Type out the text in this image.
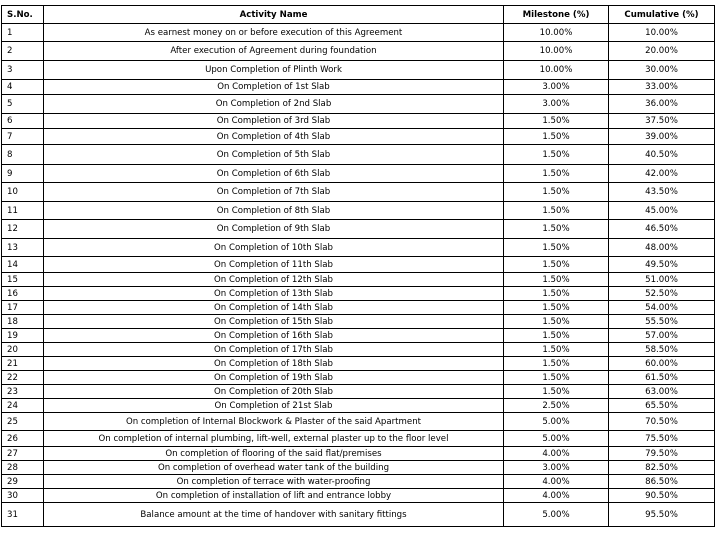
S.No.	Activity Name	Milestone (%)	Cumulative (%)
1	As earnest money on or before execution of this Agreement	10.00%	10.00%
2	After execution of Agreement during foundation	10.00%	20.00%
3	Upon Completion of Plinth Work	10.00%	30.00%
4	On Completion of 1st Slab	3.00%	33.00%
5	On Completion of 2nd Slab	3.00%	36.00%
6	On Completion of 3rd Slab	1.50%	37.50%
7	On Completion of 4th Slab	1.50%	39.00%
8	On Completion of 5th Slab	1.50%	40.50%
9	On Completion of 6th Slab	1.50%	42.00%
10	On Completion of 7th Slab	1.50%	43.50%
11	On Completion of 8th Slab	1.50%	45.00%
12	On Completion of 9th Slab	1.50%	46.50%
13	On Completion of 10th Slab	1.50%	48.00%
14	On Completion of 11th Slab	1.50%	49.50%
15	On Completion of 12th Slab	1.50%	51.00%
16	On Completion of 13th Slab	1.50%	52.50%
17	On Completion of 14th Slab	1.50%	54.00%
18	On Completion of 15th Slab	1.50%	55.50%
19	On Completion of 16th Slab	1.50%	57.00%
20	On Completion of 17th Slab	1.50%	58.50%
21	On Completion of 18th Slab	1.50%	60.00%
22	On Completion of 19th Slab	1.50%	61.50%
23	On Completion of 20th Slab	1.50%	63.00%
24	On Completion of 21st Slab	2.50%	65.50%
25	On completion of Internal Blockwork & Plaster of the said Apartment	5.00%	70.50%
26	On completion of internal plumbing, lift-well, external plaster up to the floor level	5.00%	75.50%
27	On completion of flooring of the said flat/premises	4.00%	79.50%
28	On completion of overhead water tank of the building	3.00%	82.50%
29	On completion of terrace with water-proofing	4.00%	86.50%
30	On completion of installation of lift and entrance lobby	4.00%	90.50%
31	Balance amount at the time of handover with sanitary fittings	5.00%	95.50%
